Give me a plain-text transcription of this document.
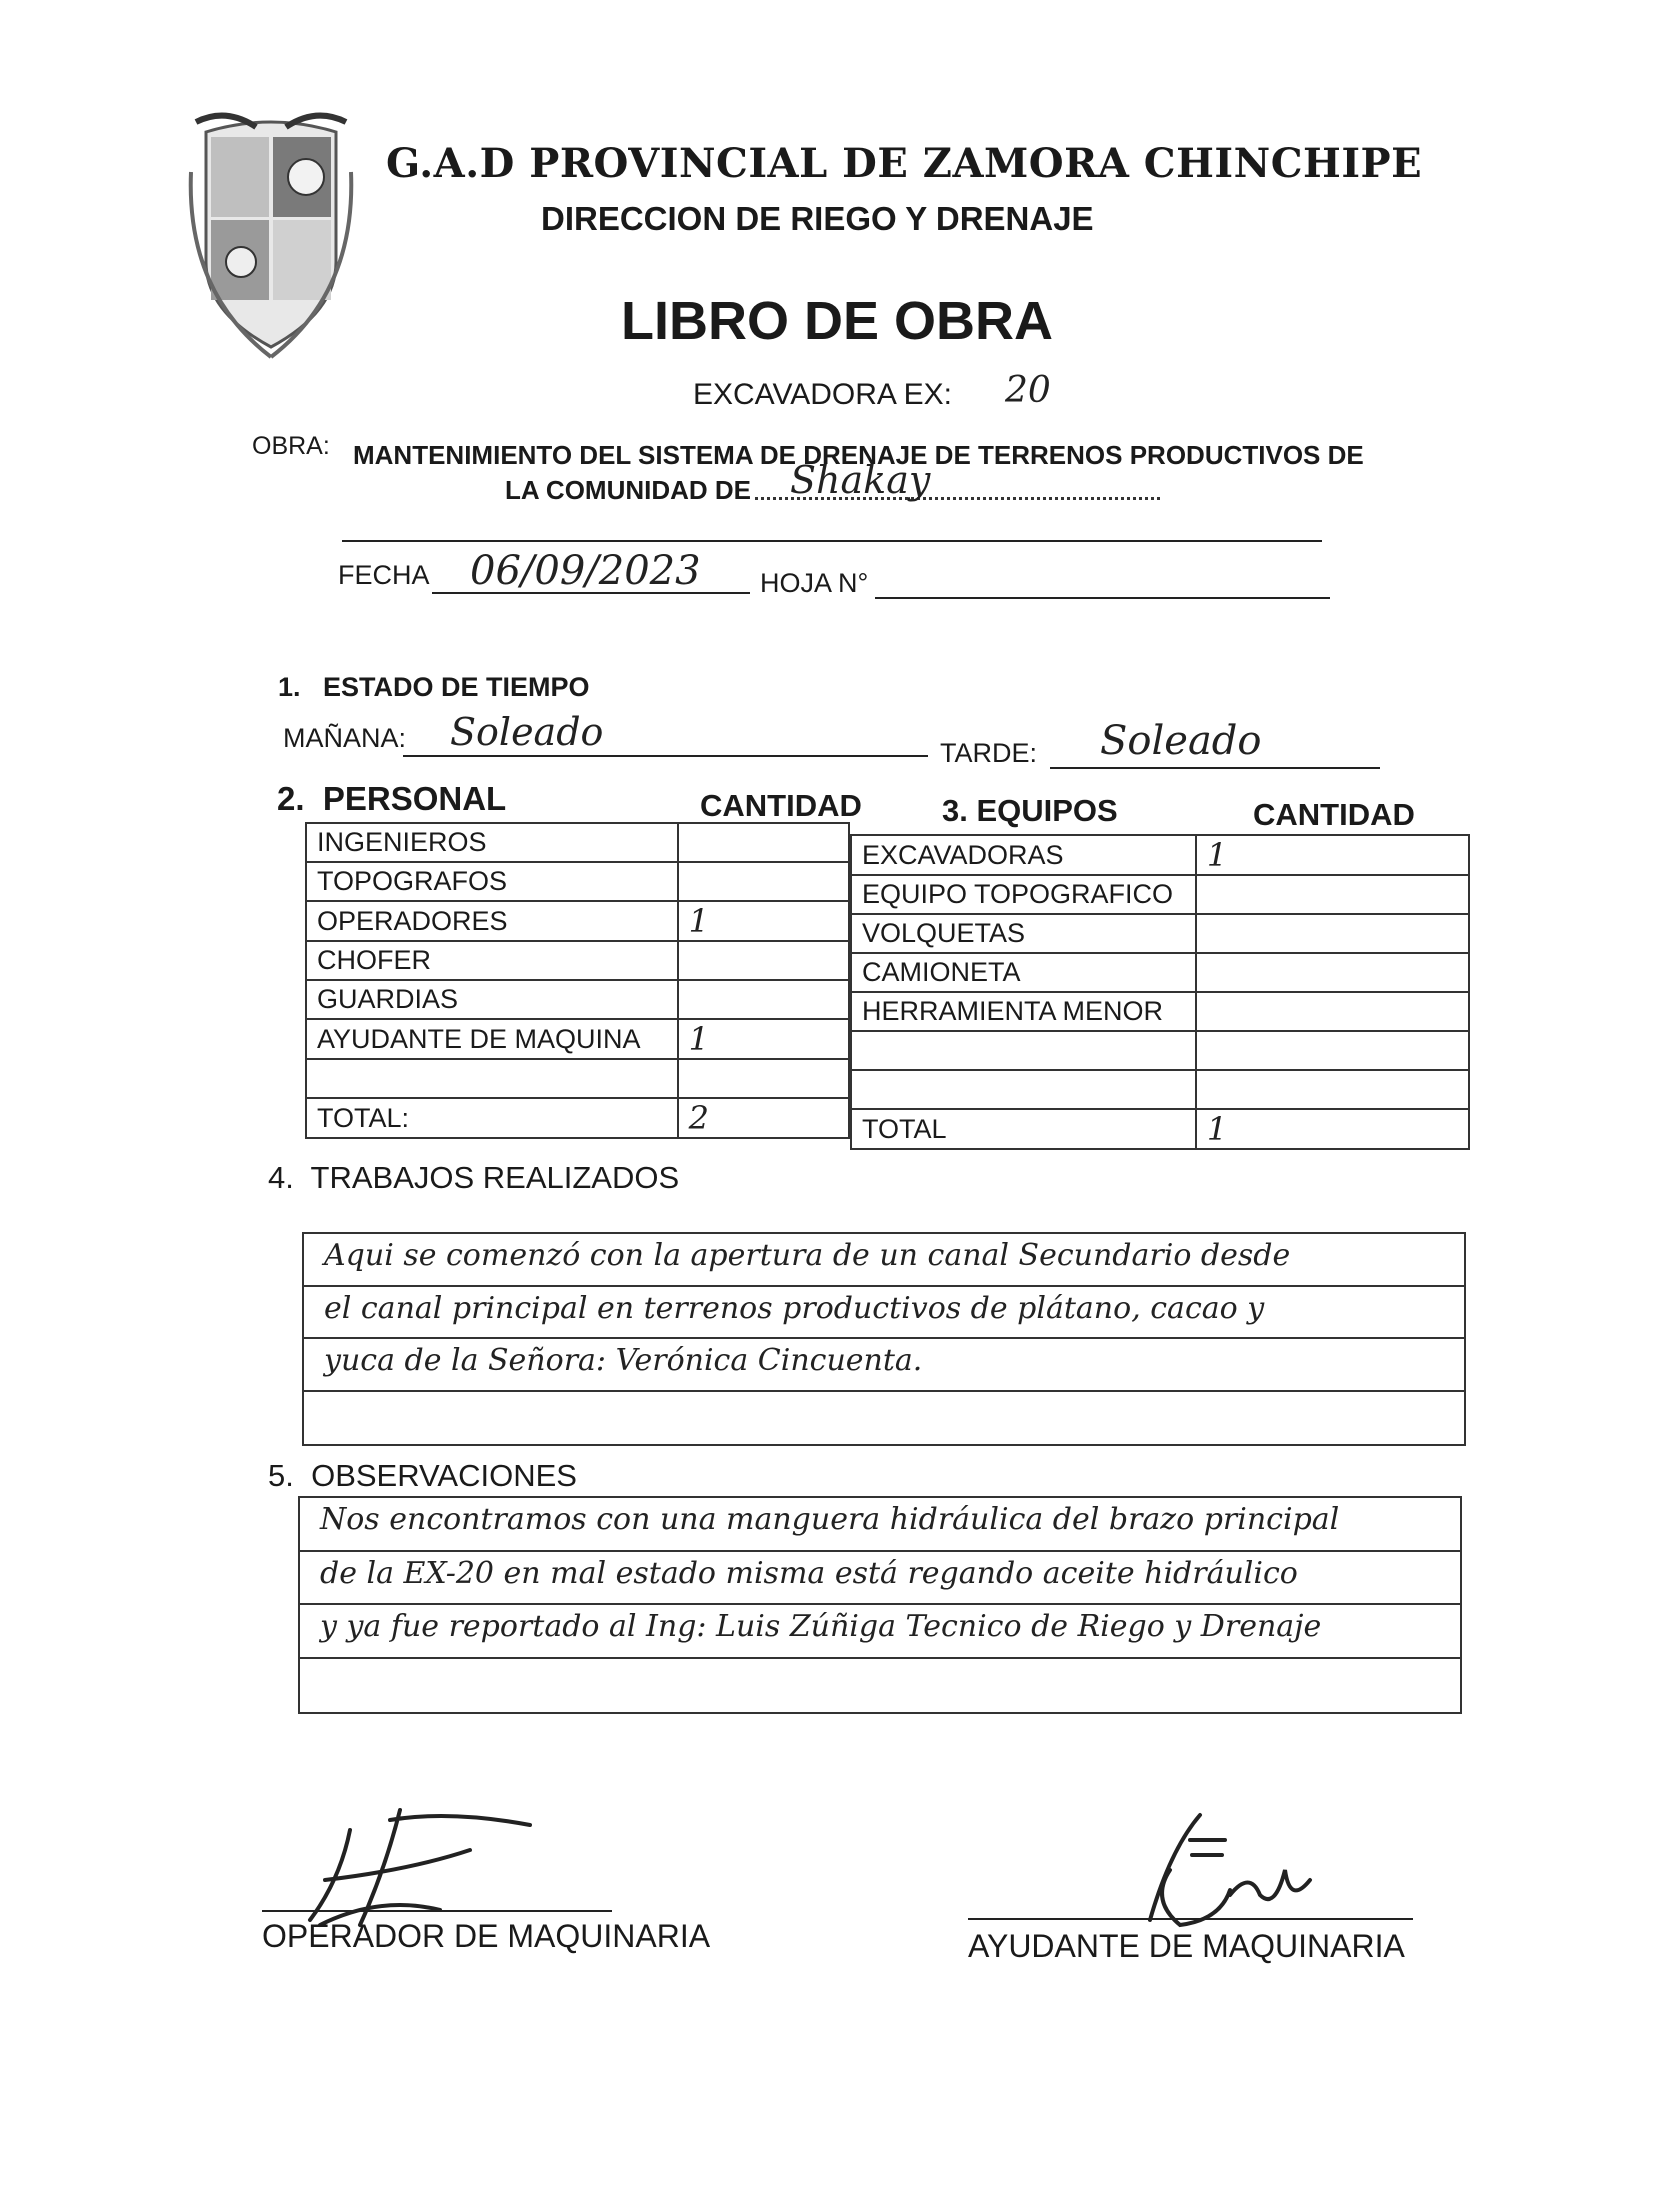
G.A.D PROVINCIAL DE ZAMORA CHINCHIPE
DIRECCION DE RIEGO Y DRENAJE
LIBRO DE OBRA
EXCAVADORA EX: 20
OBRA: MANTENIMIENTO DEL SISTEMA DE DRENAJE DE TERRENOS PRODUCTIVOS DE
LA COMUNIDAD DE Shakay
FECHA 06/09/2023 HOJA N°
1.   ESTADO DE TIEMPO
MAÑANA: Soleado	TARDE: Soleado
2.  PERSONAL	CANTIDAD	3. EQUIPOS	CANTIDAD
INGENIEROS	
TOPOGRAFOS	
OPERADORES	1
CHOFER	
GUARDIAS	
AYUDANTE DE MAQUINA	1

TOTAL:	2
EXCAVADORAS	1
EQUIPO TOPOGRAFICO	
VOLQUETAS	
CAMIONETA	
HERRAMIENTA MENOR	

TOTAL	1
4.  TRABAJOS REALIZADOS
Aqui se comenzó con la apertura de un canal Secundario desde
el canal principal en terrenos productivos de plátano, cacao y
yuca de la Señora: Verónica Cincuenta.
5.  OBSERVACIONES
Nos encontramos con una manguera hidráulica del brazo principal
de la EX-20 en mal estado misma está regando aceite hidráulico
y ya fue reportado al Ing: Luis Zúñiga Tecnico de Riego y Drenaje
OPERADOR DE MAQUINARIA	AYUDANTE DE MAQUINARIA
